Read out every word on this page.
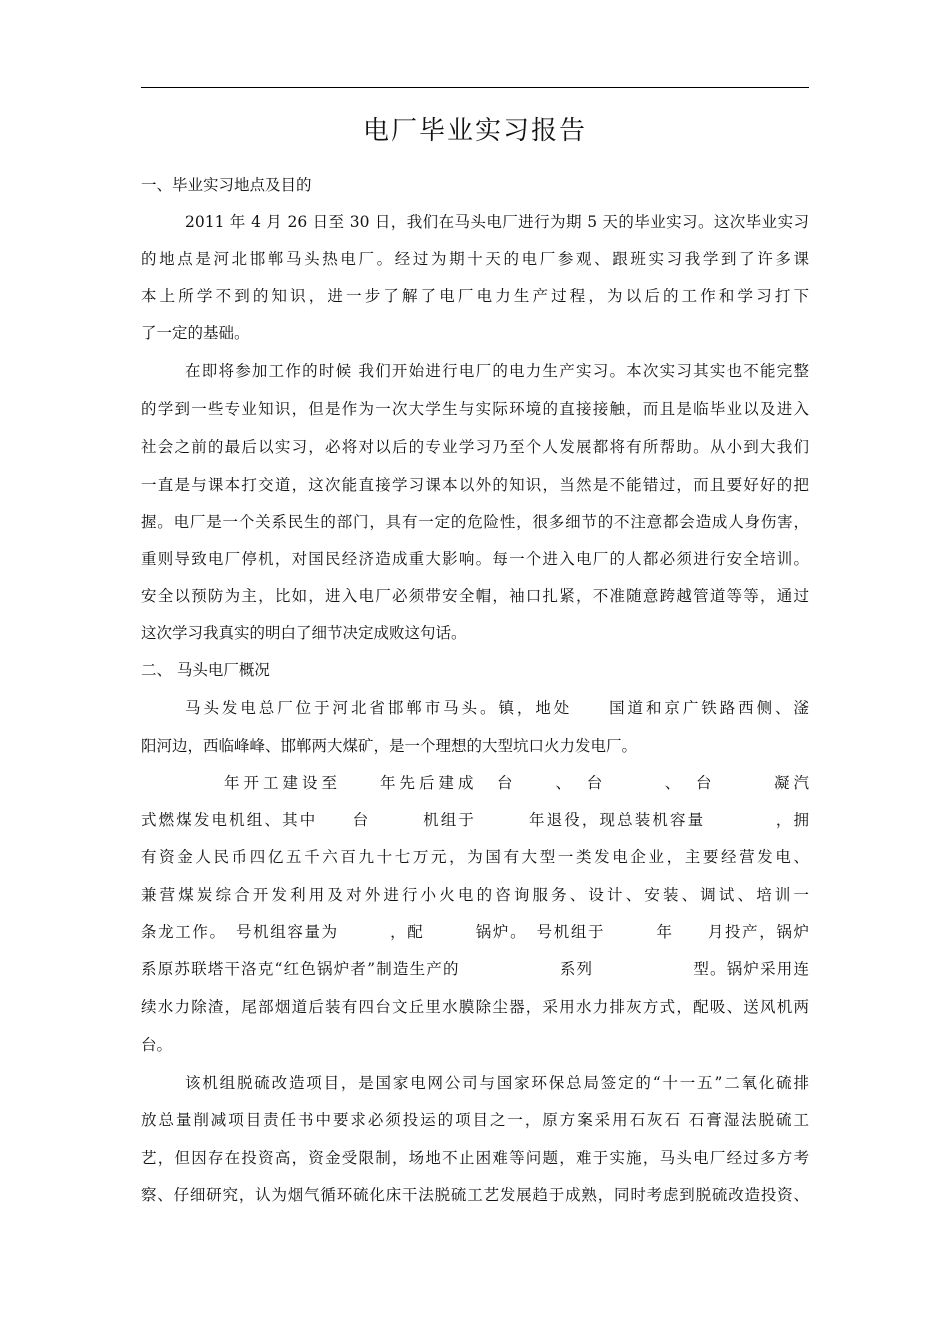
电厂毕业实习报告
一、毕业实习地点及目的
2011 年 4 月 26 日至 30 日，我们在马头电厂进行为期 5 天的毕业实习。这次毕业实习
的地点是河北邯郸马头热电厂。经过为期十天的电厂参观、跟班实习我学到了许多课
本上所学不到的知识，进一步了解了电厂电力生产过程，为以后的工作和学习打下
了一定的基础。
在即将参加工作的时候 我们开始进行电厂的电力生产实习。本次实习其实也不能完整
的学到一些专业知识，但是作为一次大学生与实际环境的直接接触，而且是临毕业以及进入
社会之前的最后以实习，必将对以后的专业学习乃至个人发展都将有所帮助。从小到大我们
一直是与课本打交道，这次能直接学习课本以外的知识，当然是不能错过，而且要好好的把
握。电厂是一个关系民生的部门，具有一定的危险性，很多细节的不注意都会造成人身伤害，
重则导致电厂停机，对国民经济造成重大影响。每一个进入电厂的人都必须进行安全培训。
安全以预防为主，比如，进入电厂必须带安全帽，袖口扎紧，不准随意跨越管道等等，通过
这次学习我真实的明白了细节决定成败这句话。
二、 马头电厂概况
马头发电总厂位于河北省邯郸市马头。镇，地处　　国道和京广铁路西侧、滏
阳河边，西临峰峰、邯郸两大煤矿，是一个理想的大型坑口火力发电厂。
　　年开工建设至　　年先后建成　台　　、　台　　　、　台　　　凝汽
式燃煤发电机组、其中　　台　　　机组于　　　年退役，现总装机容量　　　　，拥
有资金人民币四亿五千六百九十七万元，为国有大型一类发电企业，主要经营发电、
兼营煤炭综合开发利用及对外进行小火电的咨询服务、设计、安装、调试、培训一
条龙工作。　号机组容量为　　　，配　　　锅炉。　号机组于　　　年　　月投产，锅炉
系原苏联塔干洛克“红色锅炉者”制造生产的　　　　　　系列　　　　　　型。锅炉采用连
续水力除渣，尾部烟道后装有四台文丘里水膜除尘器，采用水力排灰方式，配吸、送风机两
台。
该机组脱硫改造项目，是国家电网公司与国家环保总局签定的“十一五”二氧化硫排
放总量削减项目责任书中要求必须投运的项目之一，原方案采用石灰石 石膏湿法脱硫工
艺，但因存在投资高，资金受限制，场地不止困难等问题，难于实施，马头电厂经过多方考
察、仔细研究，认为烟气循环硫化床干法脱硫工艺发展趋于成熟，同时考虑到脱硫改造投资、
